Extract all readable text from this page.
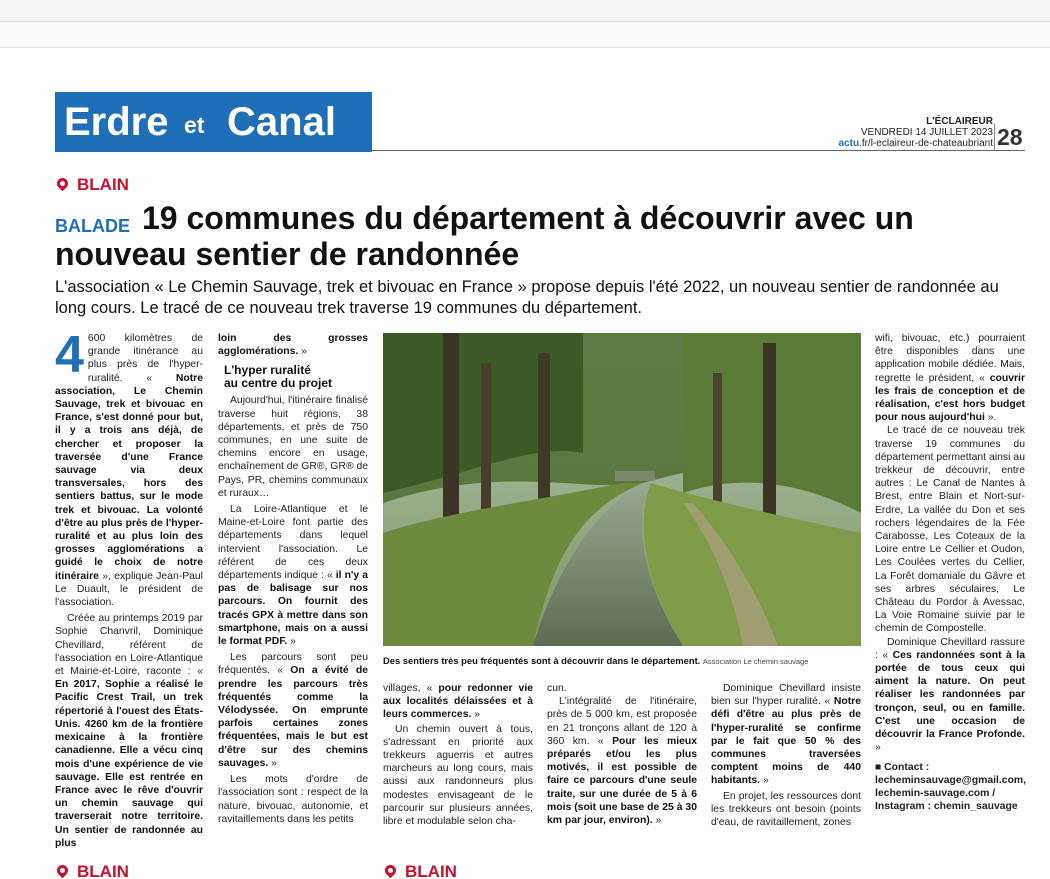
Erdre et Canal	L'ÉCLAIREUR
VENDREDI 14 JUILLET 2023
actu.fr/l-eclaireur-de-chateaubriant 28
BLAIN
19 communes du département à découvrir avec un nouveau sentier de randonnée
BALADE
L'association « Le Chemin Sauvage, trek et bivouac en France » propose depuis l'été 2022, un nouveau sentier de randonnée au long cours. Le tracé de ce nouveau trek traverse 19 communes du département.

4 600 kilomètres de grande itinérance au plus près de l'hyper-ruralité. « Notre association, Le Chemin Sauvage, trek et bivouac en France, s'est donné pour but, il y a trois ans déjà, de chercher et proposer la traversée d'une France sauvage via deux transversales, hors des sentiers battus, sur le mode trek et bivouac. La volonté d'être au plus près de l'hyper-ruralité et au plus loin des grosses agglomérations a guidé le choix de notre itinéraire », explique Jean-Paul Le Duault, le président de l'association.

Créée au printemps 2019 par Sophie Chanvril, Dominique Chevillard, référent de l'association en Loire-Atlantique et Maine-et-Loire, raconte : « En 2017, Sophie a réalisé le Pacific Crest Trail, un trek répertorié à l'ouest des États-Unis. 4260 km de la frontière mexicaine à la frontière canadienne. Elle a vécu cinq mois d'une expérience de vie sauvage. Elle est rentrée en France avec le rêve d'ouvrir un chemin sauvage qui traverserait notre territoire. Un sentier de randonnée au plus

loin des grosses agglomérations. »

L'hyper ruralité
au centre du projet

Aujourd'hui, l'itinéraire finalisé traverse huit régions, 38 départements, et près de 750 communes, en une suite de chemins encore en usage, enchaînement de GR®, GR® de Pays, PR, chemins communaux et ruraux…

La Loire-Atlantique et le Maine-et-Loire font partie des départements dans lequel intervient l'association. Le référent de ces deux départements indique : « il n'y a pas de balisage sur nos parcours. On fournit des tracés GPX à mettre dans son smartphone, mais on a aussi le format PDF. »

Les parcours sont peu fréquentés. « On a évité de prendre les parcours très fréquentés comme la Vélodyssée. On emprunte parfois certaines zones fréquentées, mais le but est d'être sur des chemins sauvages. »

Les mots d'ordre de l'association sont : respect de la nature, bivouac, autonomie, et ravitaillements dans les petits

Des sentiers très peu fréquentés sont à découvrir dans le département. Association Le chemin sauvage

villages, « pour redonner vie aux localités délaissées et à leurs commerces. »

Un chemin ouvert à tous, s'adressant en priorité aux trekkeurs aguerris et autres marcheurs au long cours, mais aussi aux randonneurs plus modestes envisageant de le parcourir sur plusieurs années, libre et modulable selon cha-

cun.

L'intégralité de l'itinéraire, près de 5 000 km, est proposée en 21 tronçons allant de 120 à 360 km. « Pour les mieux préparés et/ou les plus motivés, il est possible de faire ce parcours d'une seule traite, sur une durée de 5 à 6 mois (soit une base de 25 à 30 km par jour, environ). »

Dominique Chevillard insiste bien sur l'hyper ruralité. « Notre défi d'être au plus près de l'hyper-ruralité se confirme par le fait que 50 % des communes traversées comptent moins de 440 habitants. »

En projet, les ressources dont les trekkeurs ont besoin (points d'eau, de ravitaillement, zones

wifi, bivouac, etc.) pourraient être disponibles dans une application mobile dédiée. Mais, regrette le président, « couvrir les frais de conception et de réalisation, c'est hors budget pour nous aujourd'hui ».

Le tracé de ce nouveau trek traverse 19 communes du département permettant ainsi au trekkeur de découvrir, entre autres : Le Canal de Nantes à Brest, entre Blain et Nort-sur-Erdre, La vallée du Don et ses rochers légendaires de la Fée Carabosse, Les Coteaux de la Loire entre Le Cellier et Oudon, Les Coulées vertes du Cellier, La Forêt domaniale du Gâvre et ses arbres séculaires, Le Château du Pordor à Avessac, La Voie Romaine suivie par le chemin de Compostelle.

Dominique Chevillard rassure : « Ces randonnées sont à la portée de tous ceux qui aiment la nature. On peut réaliser les randonnées par tronçon, seul, ou en famille. C'est une occasion de découvrir la France Profonde. »

■ Contact : lecheminsauvage@gmail.com, lechemin-sauvage.com / Instagram : chemin_sauvage

BLAIN	BLAIN
